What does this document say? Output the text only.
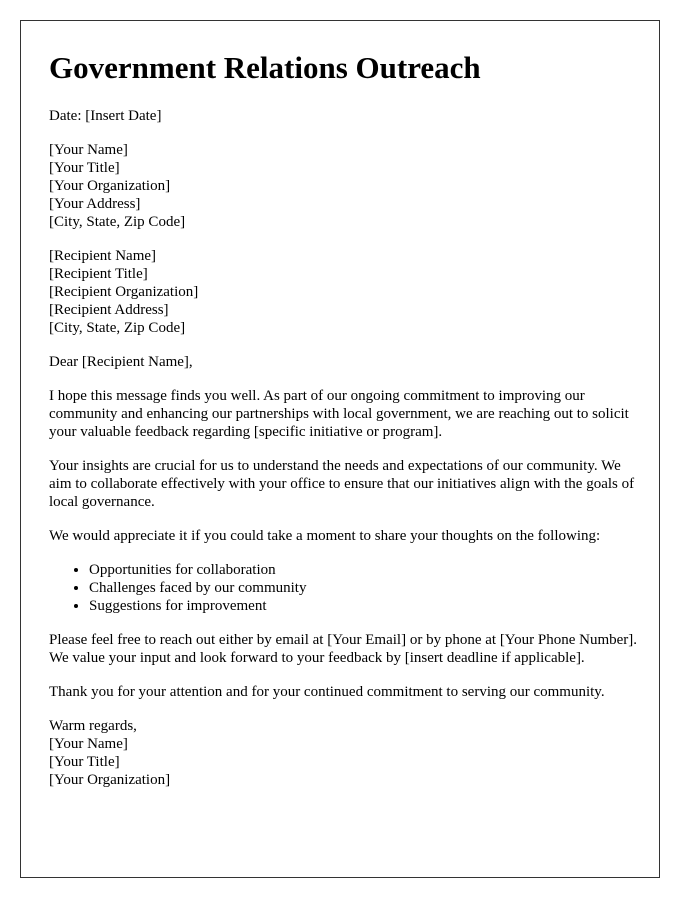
Government Relations Outreach

Date: [Insert Date]

[Your Name]
[Your Title]
[Your Organization]
[Your Address]
[City, State, Zip Code]
[Recipient Name]
[Recipient Title]
[Recipient Organization]
[Recipient Address]
[City, State, Zip Code]

Dear [Recipient Name],

I hope this message finds you well. As part of our ongoing commitment to improving our community and enhancing our partnerships with local government, we are reaching out to solicit your valuable feedback regarding [specific initiative or program].

Your insights are crucial for us to understand the needs and expectations of our community. We aim to collaborate effectively with your office to ensure that our initiatives align with the goals of local governance.

We would appreciate it if you could take a moment to share your thoughts on the following:

• Opportunities for collaboration
• Challenges faced by our community
• Suggestions for improvement

Please feel free to reach out either by email at [Your Email] or by phone at [Your Phone Number]. We value your input and look forward to your feedback by [insert deadline if applicable].

Thank you for your attention and for your continued commitment to serving our community.

Warm regards,
[Your Name]
[Your Title]
[Your Organization]
